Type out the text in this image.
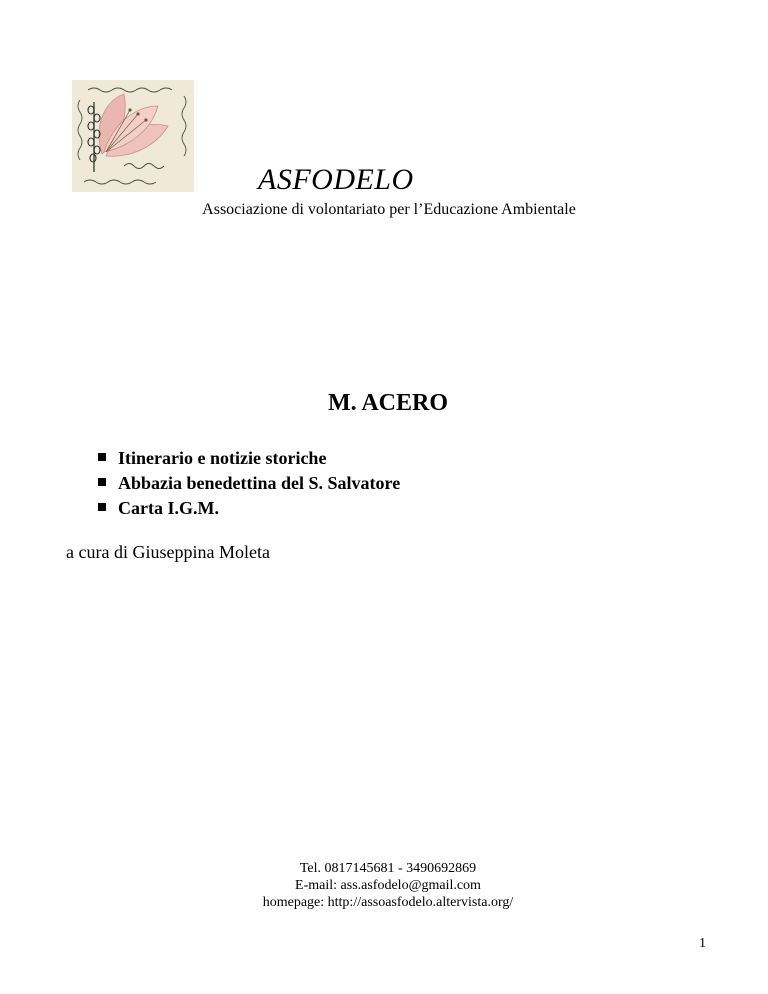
ASFODELO
Associazione di volontariato per l’Educazione Ambientale
M. ACERO
Itinerario e notizie storiche
Abbazia benedettina del S. Salvatore
Carta I.G.M.
a cura di Giuseppina Moleta
Tel. 0817145681 - 3490692869
E-mail: ass.asfodelo@gmail.com
homepage: http://assoasfodelo.altervista.org/
1
